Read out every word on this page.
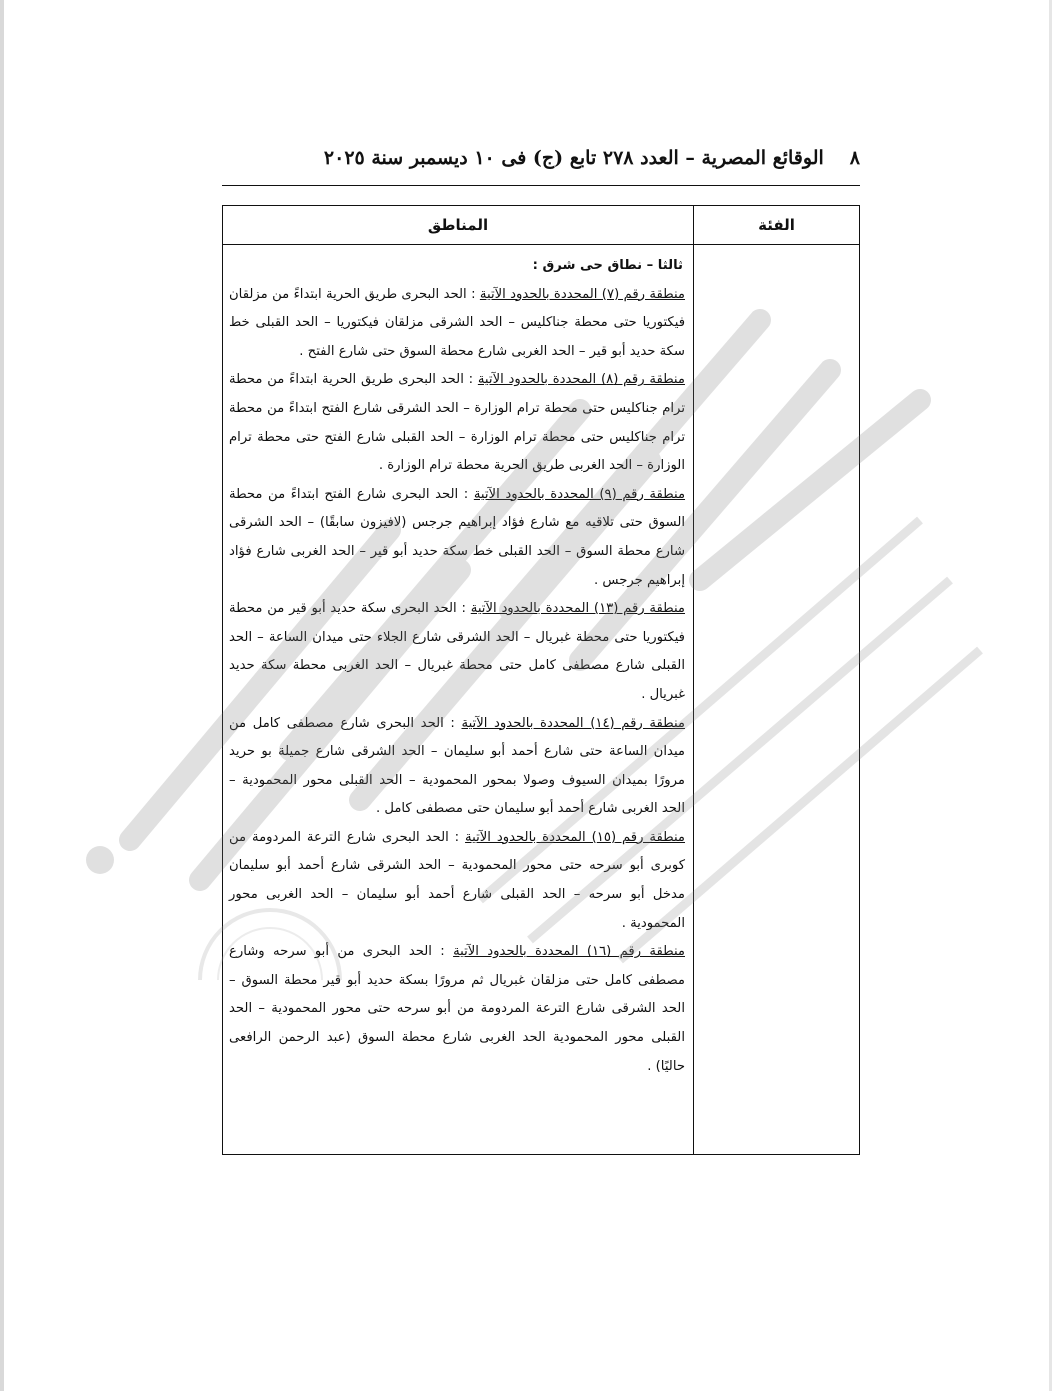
٨
الوقائع المصرية – العدد ٢٧٨ تابع (ج) فى ١٠ ديسمبر سنة ٢٠٢٥
المناطق	الفئة

ثالثا – نطاق حى شرق :

منطقة رقم (٧) المحددة بالحدود الآتية : الحد البحرى طريق الحرية ابتداءً من مزلقان فيكتوريا حتى محطة جناكليس – الحد الشرقى مزلقان فيكتوريا – الحد القبلى خط سكة حديد أبو قير – الحد الغربى شارع محطة السوق حتى شارع الفتح .

منطقة رقم (٨) المحددة بالحدود الآتية : الحد البحرى طريق الحرية ابتداءً من محطة ترام جناكليس حتى محطة ترام الوزارة – الحد الشرقى شارع الفتح ابتداءً من محطة ترام جناكليس حتى محطة ترام الوزارة – الحد القبلى شارع الفتح حتى محطة ترام الوزارة – الحد الغربى طريق الحرية محطة ترام الوزارة .

منطقة رقم (٩) المحددة بالحدود الآتية : الحد البحرى شارع الفتح ابتداءً من محطة السوق حتى تلاقيه مع شارع فؤاد إبراهيم جرجس (لافيزون سابقًا) – الحد الشرقى شارع محطة السوق – الحد القبلى خط سكة حديد أبو قير – الحد الغربى شارع فؤاد إبراهيم جرجس .

منطقة رقم (١٣) المحددة بالحدود الآتية : الحد البحرى سكة حديد أبو قير من محطة فيكتوريا حتى محطة غبريال – الحد الشرقى شارع الجلاء حتى ميدان الساعة – الحد القبلى شارع مصطفى كامل حتى محطة غبريال – الحد الغربى محطة سكة حديد غبريال .

منطقة رقم (١٤) المحددة بالحدود الآتية : الحد البحرى شارع مصطفى كامل من ميدان الساعة حتى شارع أحمد أبو سليمان – الحد الشرقى شارع جميلة بو حريد مرورًا بميدان السيوف وصولا بمحور المحمودية – الحد القبلى محور المحمودية – الحد الغربى شارع أحمد أبو سليمان حتى مصطفى كامل .

منطقة رقم (١٥) المحددة بالحدود الآتية : الحد البحرى شارع الترعة المردومة من كوبرى أبو سرحه حتى محور المحمودية – الحد الشرقى شارع أحمد أبو سليمان مدخل أبو سرحه – الحد القبلى شارع أحمد أبو سليمان – الحد الغربى محور المحمودية .

منطقة رقم (١٦) المحددة بالحدود الآتية : الحد البحرى من أبو سرحه وشارع مصطفى كامل حتى مزلقان غبريال ثم مرورًا بسكة حديد أبو قير محطة السوق – الحد الشرقى شارع الترعة المردومة من أبو سرحه حتى محور المحمودية – الحد القبلى محور المحمودية الحد الغربى شارع محطة السوق (عبد الرحمن الرافعى حاليًا) .
